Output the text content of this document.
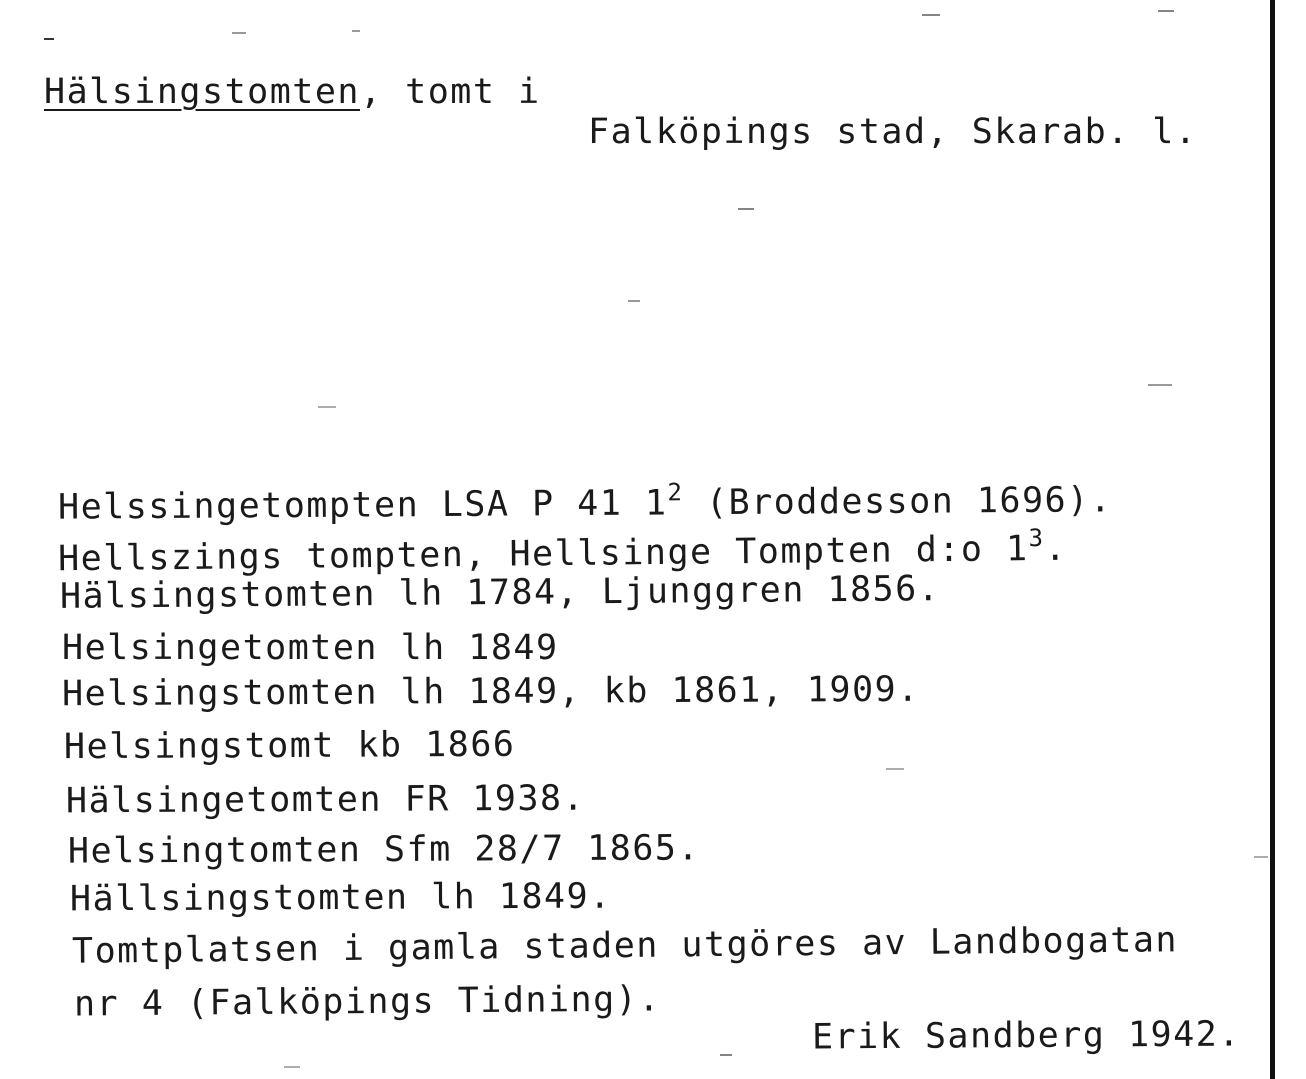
Hälsingstomten, tomt i
Falköpings stad, Skarab. l.
Helssingetompten LSA P 41 $1^2$ (Broddesson 1696).
Hellszings tompten, Hellsinge Tompten d:o $1^3$.
Hälsingstomten lh 1784, Ljunggren 1856.
Helsingetomten lh 1849
Helsingstomten lh 1849, kb 1861, 1909.
Helsingstomt kb 1866
Hälsingetomten FR 1938.
Helsingtomten Sfm 28/7 1865.
Hällsingstomten lh 1849.
Tomtplatsen i gamla staden utgöres av Landbogatan
nr 4 (Falköpings Tidning).
Erik Sandberg 1942.
